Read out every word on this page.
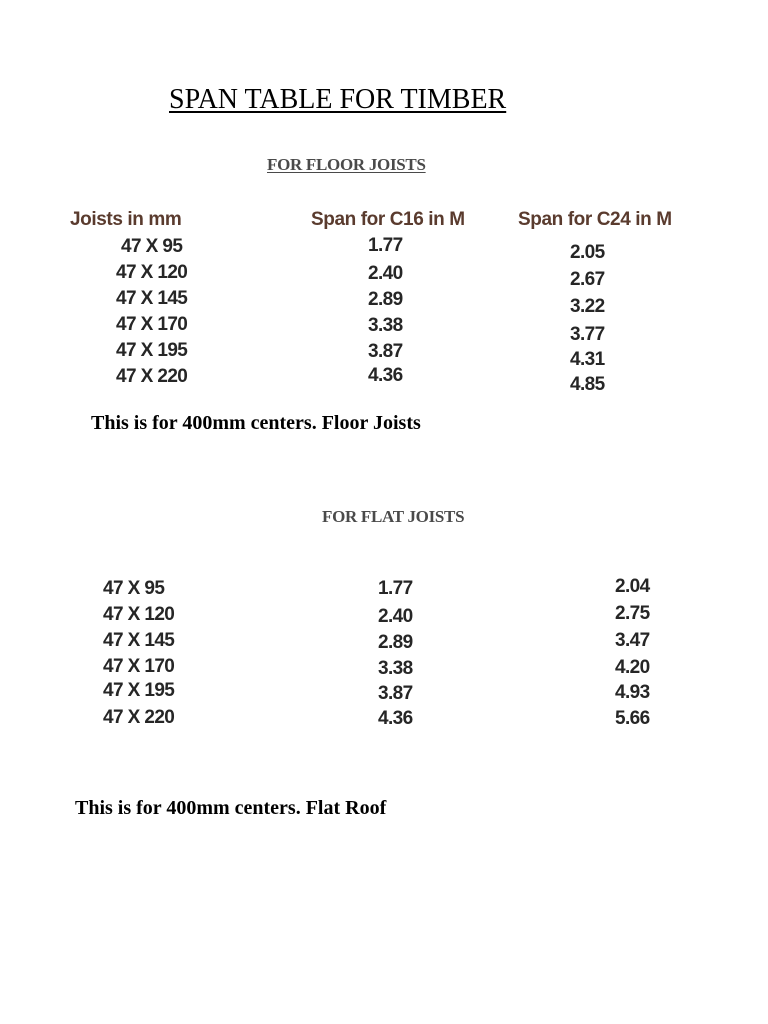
SPAN TABLE FOR TIMBER
FOR FLOOR JOISTS
Joists in mm	Span for C16 in M	Span for C24 in M
47 X 95
47 X 120
47 X 145
47 X 170
47 X 195
47 X 220
1.77
2.40
2.89
3.38
3.87
4.36
2.05
2.67
3.22
3.77
4.31
4.85
This is for 400mm centers. Floor Joists
FOR FLAT JOISTS
47 X 95
47 X 120
47 X 145
47 X 170
47 X 195
47 X 220
1.77
2.40
2.89
3.38
3.87
4.36
2.04
2.75
3.47
4.20
4.93
5.66
This is for 400mm centers. Flat Roof
